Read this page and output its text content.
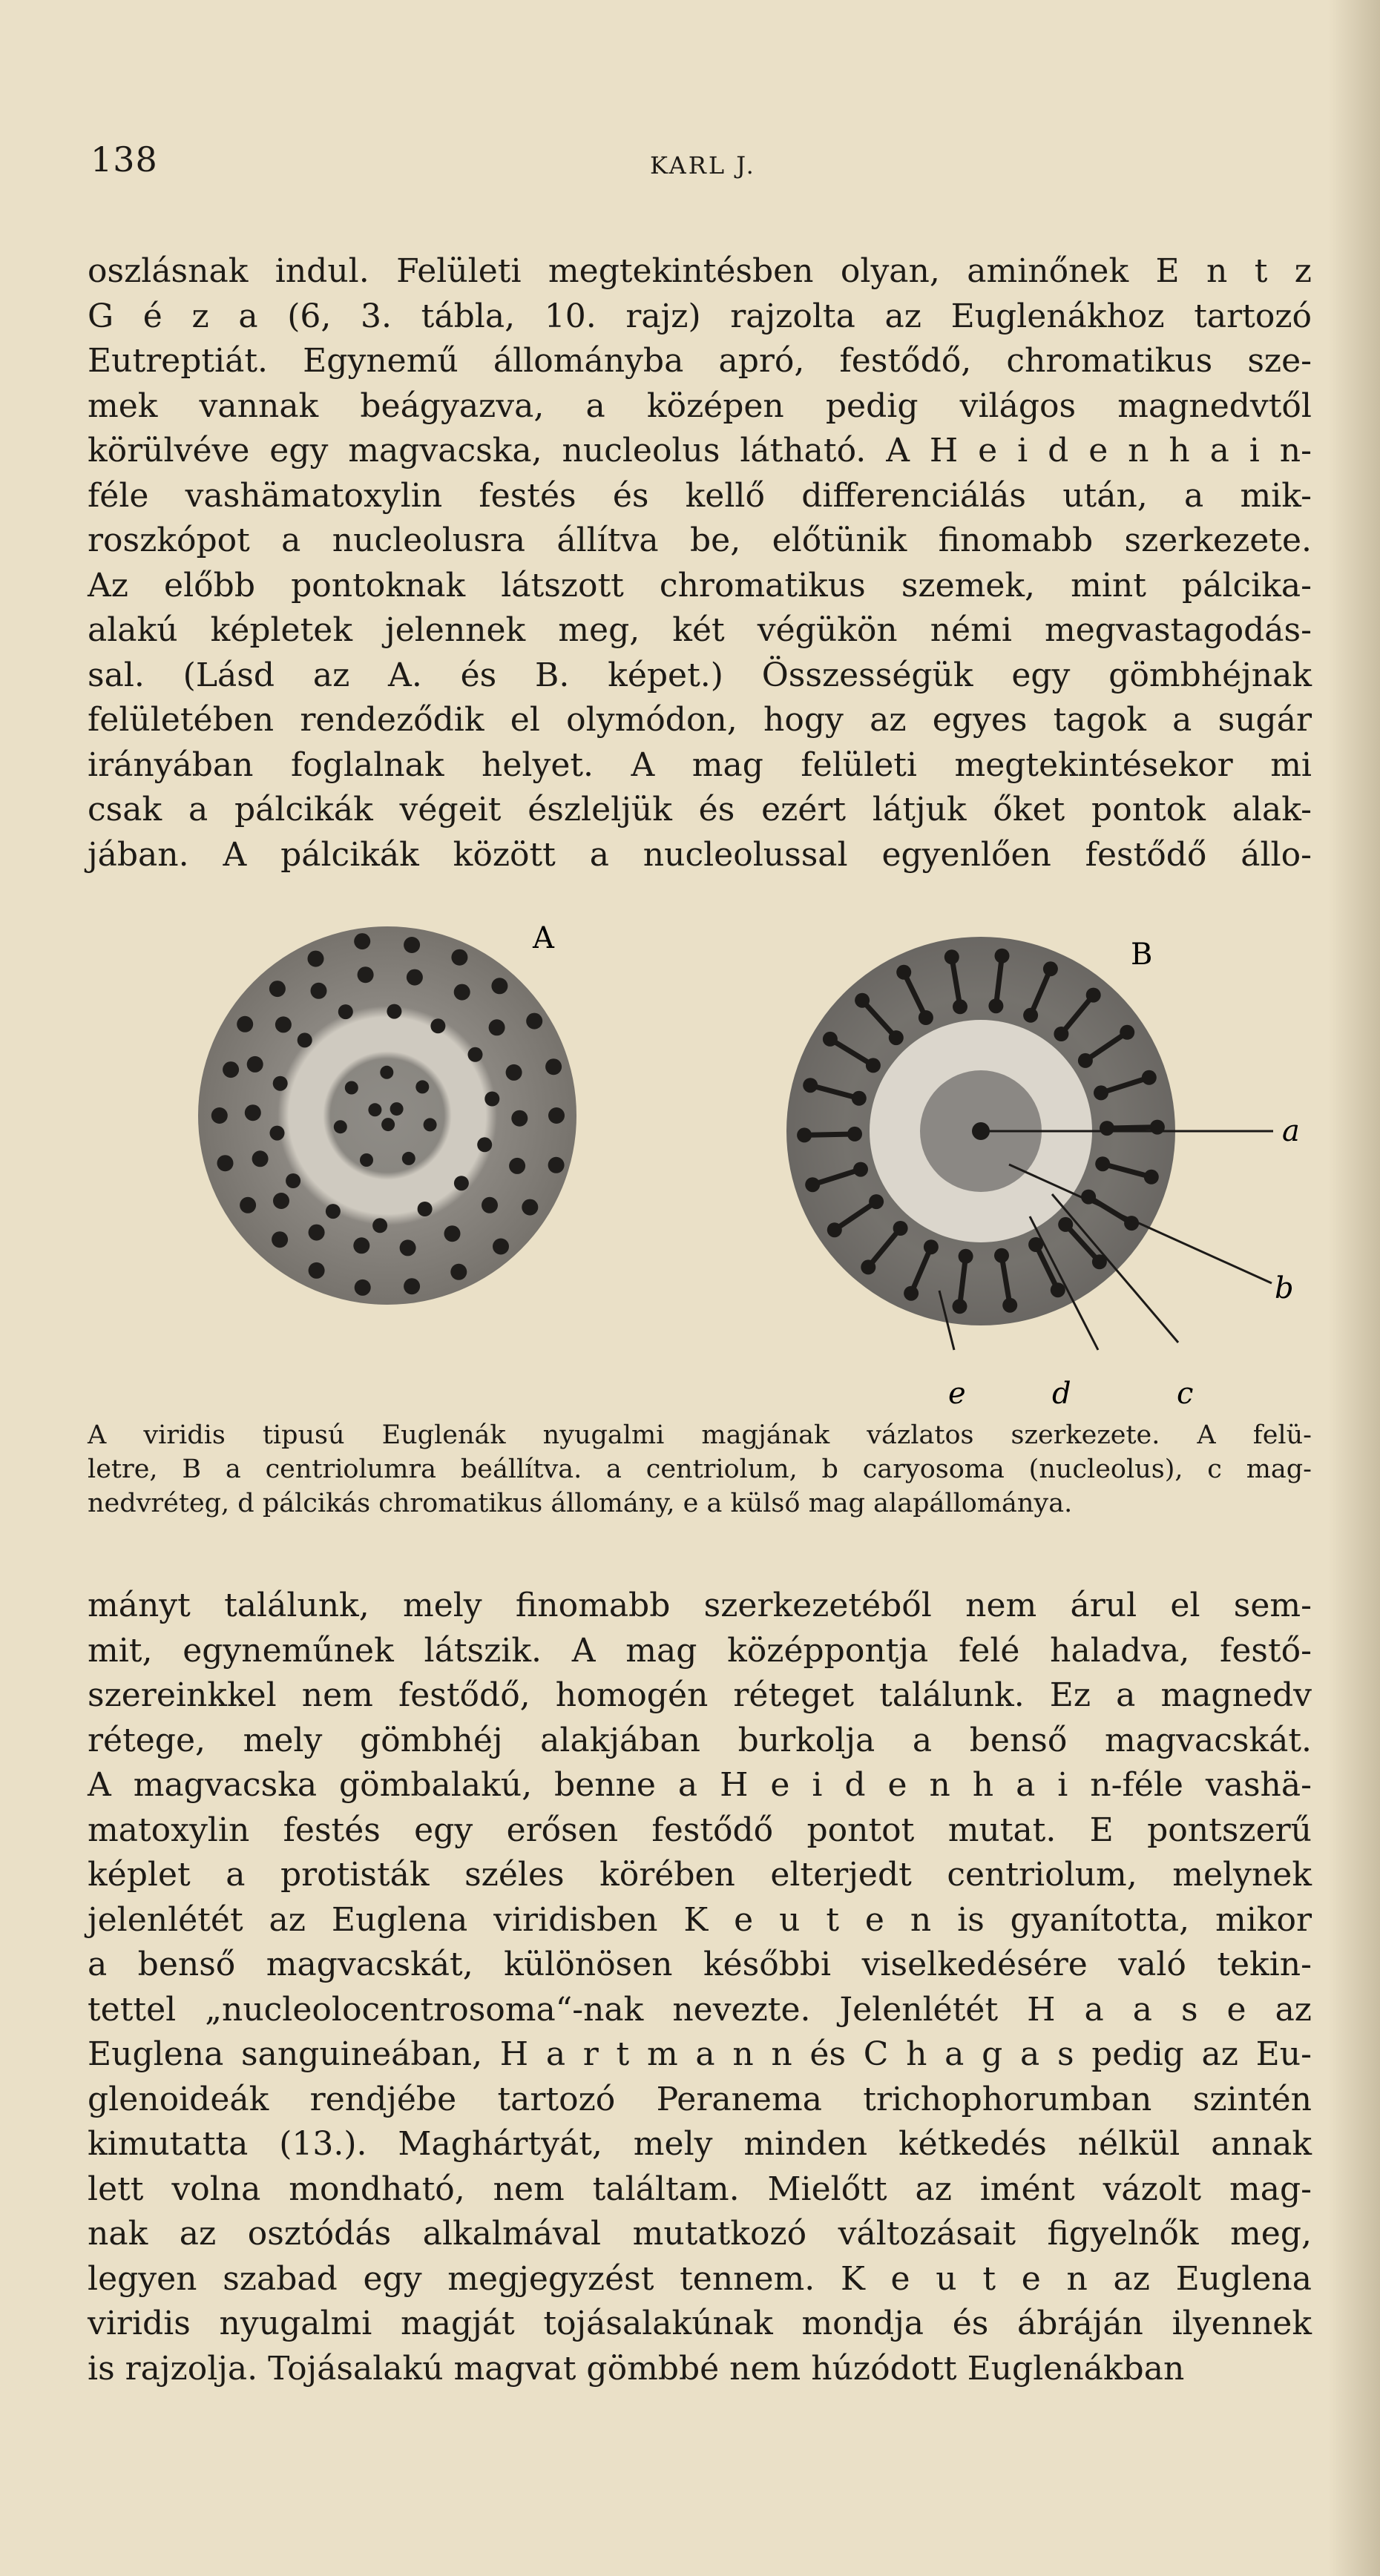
138	KARL J.
oszlásnak indul. Felületi megtekintésben olyan, aminőnek E n t z
G é z a (6, 3. tábla, 10. rajz) rajzolta az Euglenákhoz tartozó
Eutreptiát. Egynemű állományba apró, festődő, chromatikus sze-
mek vannak beágyazva, a középen pedig világos magnedvtől
körülvéve egy magvacska, nucleolus látható. A H e i d e n h a i n-
féle vashämatoxylin festés és kellő differenciálás után, a mik-
roszkópot a nucleolusra állítva be, előtünik finomabb szerkezete.
Az előbb pontoknak látszott chromatikus szemek, mint pálcika-
alakú képletek jelennek meg, két végükön némi megvastagodás-
sal. (Lásd az A. és B. képet.) Összességük egy gömbhéjnak
felületében rendeződik el olymódon, hogy az egyes tagok a sugár
irányában foglalnak helyet. A mag felületi megtekintésekor mi
csak a pálcikák végeit észleljük és ezért látjuk őket pontok alak-
jában. A pálcikák között a nucleolussal egyenlően festődő állo-
A	B
a
b
c
d
e
A viridis tipusú Euglenák nyugalmi magjának vázlatos szerkezete. A felü-
letre, B a centriolumra beállítva. a centriolum, b caryosoma (nucleolus), c mag-
nedvréteg, d pálcikás chromatikus állomány, e a külső mag alapállománya.
mányt találunk, mely finomabb szerkezetéből nem árul el sem-
mit, egyneműnek látszik. A mag középpontja felé haladva, festő-
szereinkkel nem festődő, homogén réteget találunk. Ez a magnedv
rétege, mely gömbhéj alakjában burkolja a benső magvacskát.
A magvacska gömbalakú, benne a H e i d e n h a i n-féle vashä-
matoxylin festés egy erősen festődő pontot mutat. E pontszerű
képlet a protisták széles körében elterjedt centriolum, melynek
jelenlétét az Euglena viridisben K e u t e n is gyanította, mikor
a benső magvacskát, különösen későbbi viselkedésére való tekin-
tettel „nucleolocentrosoma“-nak nevezte. Jelenlétét H a a s e az
Euglena sanguineában, H a r t m a n n és C h a g a s pedig az Eu-
glenoideák rendjébe tartozó Peranema trichophorumban szintén
kimutatta (13.). Maghártyát, mely minden kétkedés nélkül annak
lett volna mondható, nem találtam. Mielőtt az imént vázolt mag-
nak az osztódás alkalmával mutatkozó változásait figyelnők meg,
legyen szabad egy megjegyzést tennem. K e u t e n az Euglena
viridis nyugalmi magját tojásalakúnak mondja és ábráján ilyennek
is rajzolja. Tojásalakú magvat gömbbé nem húzódott Euglenákban
